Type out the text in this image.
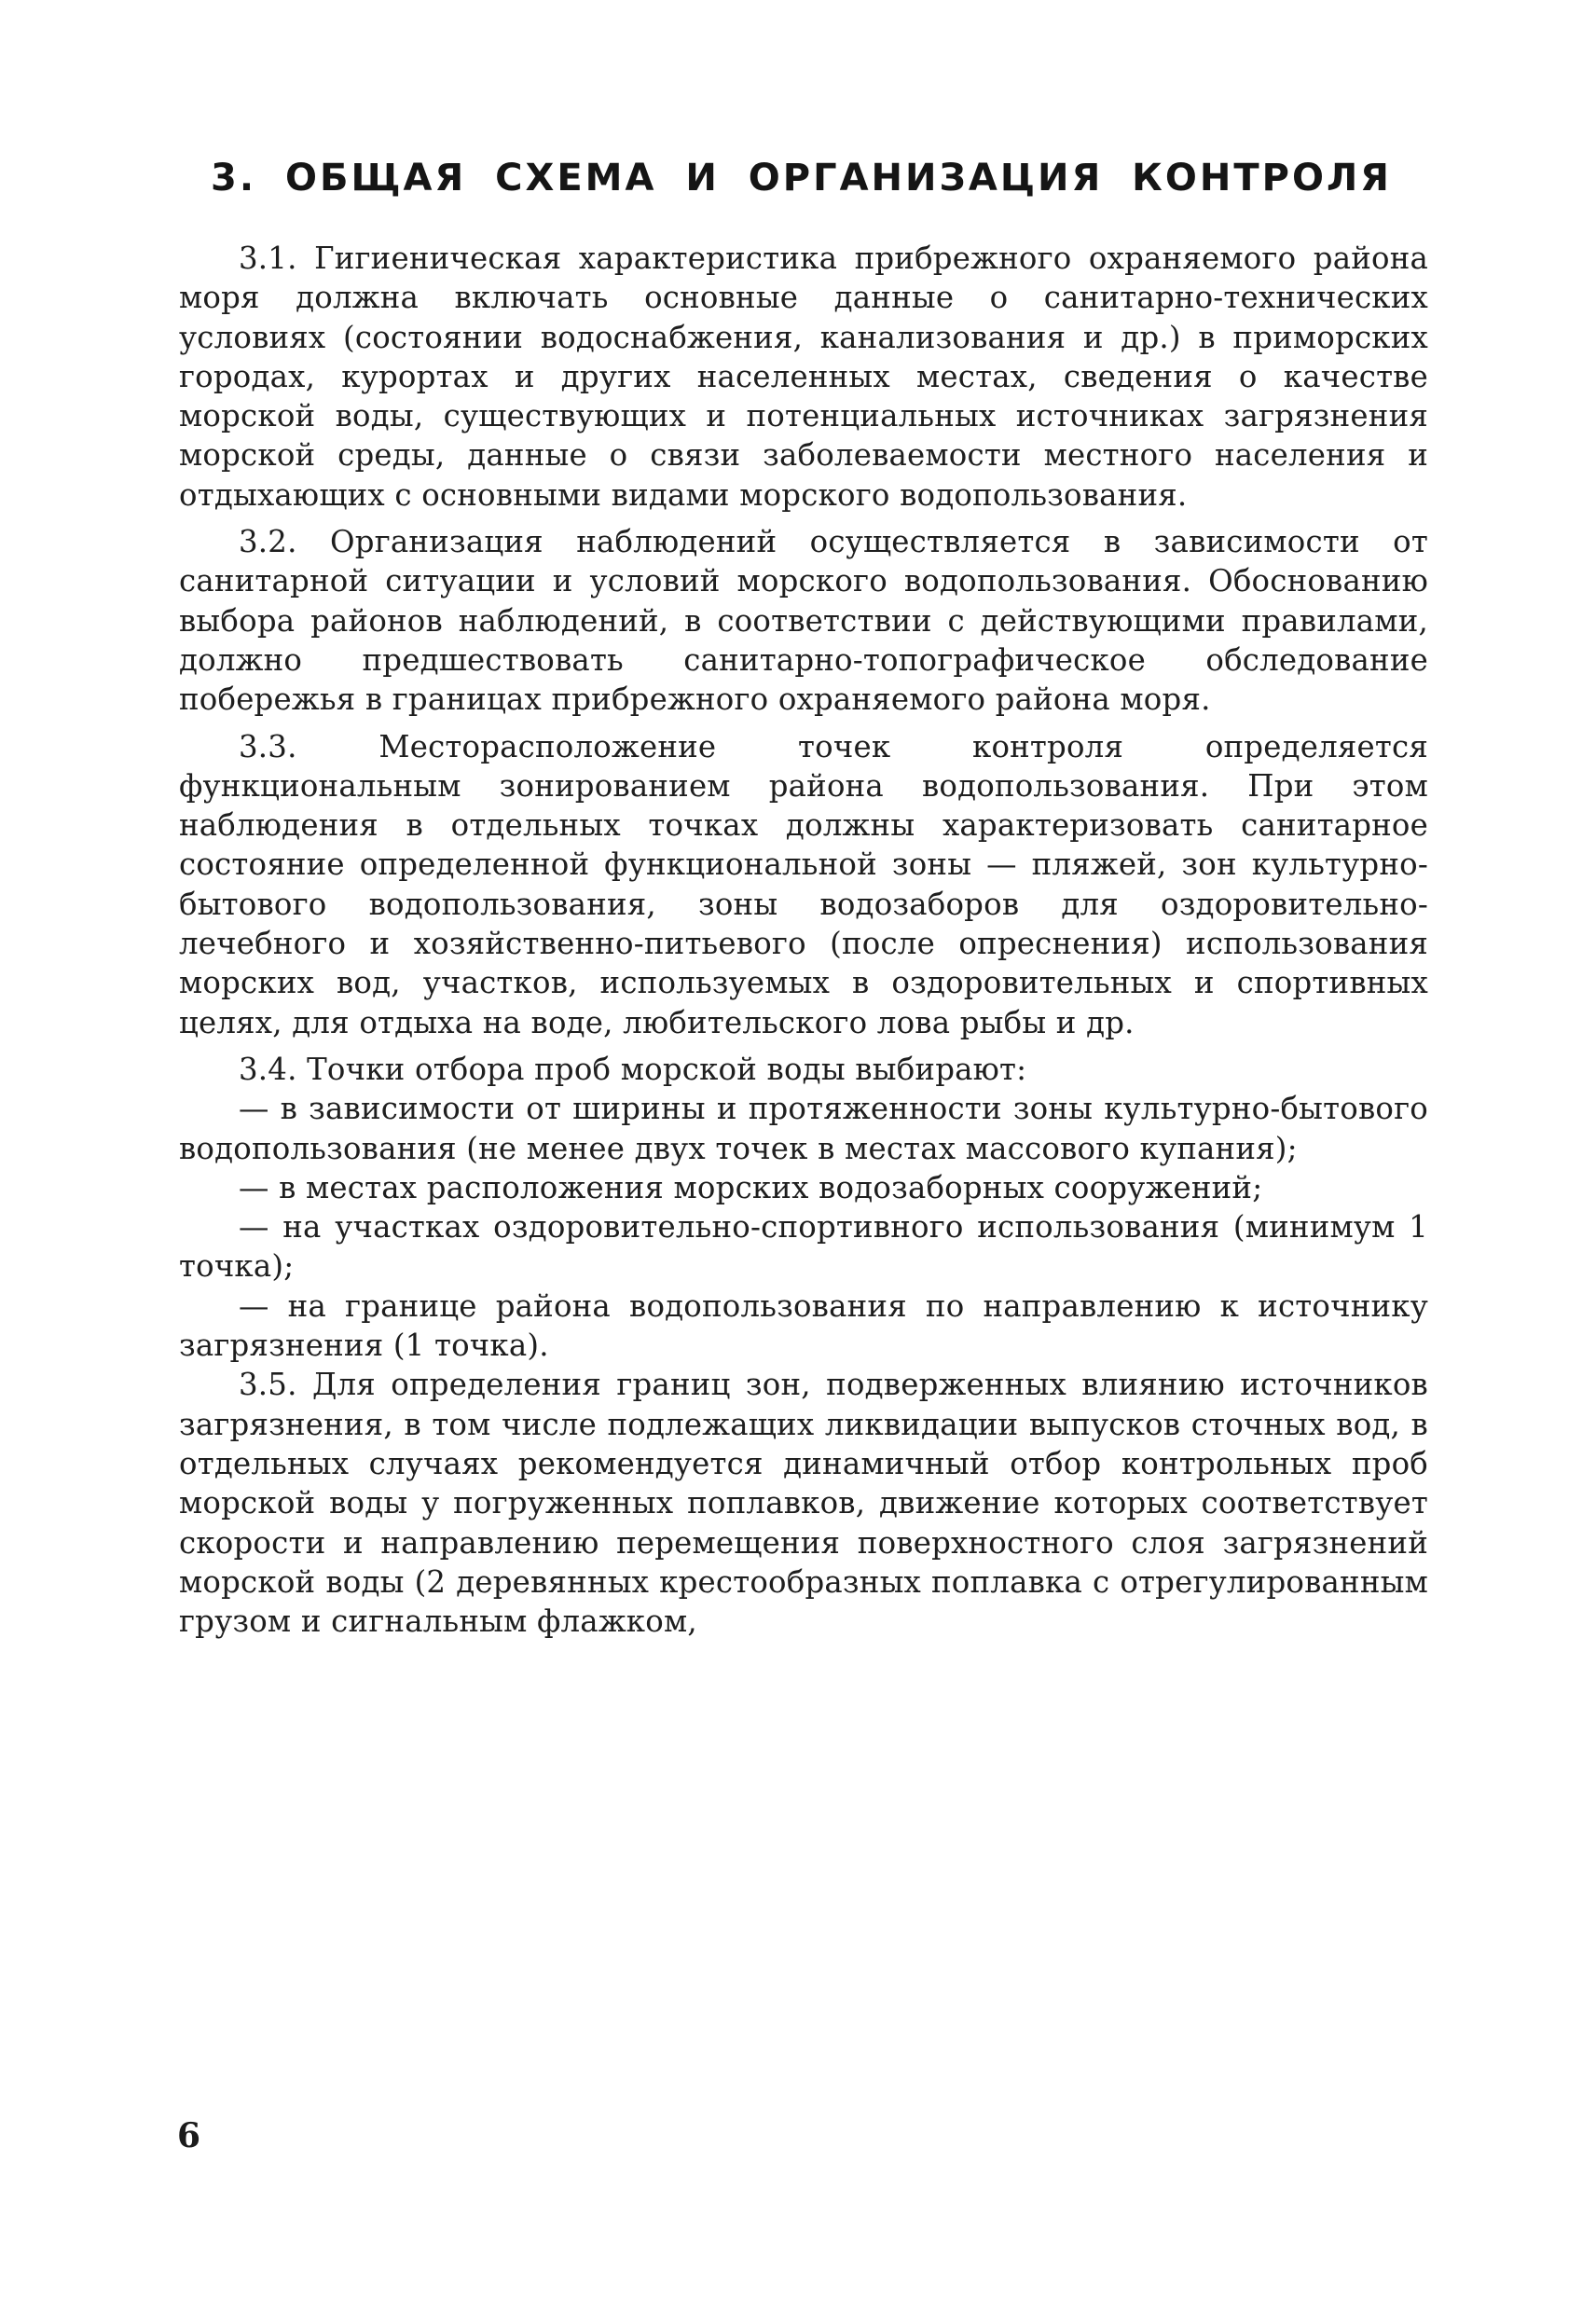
3. ОБЩАЯ СХЕМА И ОРГАНИЗАЦИЯ КОНТРОЛЯ

3.1. Гигиеническая характеристика прибрежного охраняемого района моря должна включать основные данные о санитарно-технических условиях (состоянии водоснабжения, канализования и др.) в приморских городах, курортах и других населенных местах, сведения о качестве морской воды, существующих и потенциальных источниках загрязнения морской среды, данные о связи заболеваемости местного населения и отдыхающих с основными видами морского водопользования.

3.2. Организация наблюдений осуществляется в зависимости от санитарной ситуации и условий морского водопользования. Обоснованию выбора районов наблюдений, в соответствии с действующими правилами, должно предшествовать санитарно-топографическое обследование побережья в границах прибрежного охраняемого района моря.

3.3. Месторасположение точек контроля определяется функциональным зонированием района водопользования. При этом наблюдения в отдельных точках должны характеризовать санитарное состояние определенной функциональной зоны — пляжей, зон культурно-бытового водопользования, зоны водозаборов для оздоровительно-лечебного и хозяйственно-питьевого (после опреснения) использования морских вод, участков, используемых в оздоровительных и спортивных целях, для отдыха на воде, любительского лова рыбы и др.

3.4. Точки отбора проб морской воды выбирают:

— в зависимости от ширины и протяженности зоны культурно-бытового водопользования (не менее двух точек в местах массового купания);

— в местах расположения морских водозаборных сооружений;

— на участках оздоровительно-спортивного использования (минимум 1 точка);

— на границе района водопользования по направлению к источнику загрязнения (1 точка).

3.5. Для определения границ зон, подверженных влиянию источников загрязнения, в том числе подлежащих ликвидации выпусков сточных вод, в отдельных случаях рекомендуется динамичный отбор контрольных проб морской воды у погруженных поплавков, движение которых соответствует скорости и направлению перемещения поверхностного слоя загрязнений морской воды (2 деревянных крестообразных поплавка с отрегулированным грузом и сигнальным флажком,

6
